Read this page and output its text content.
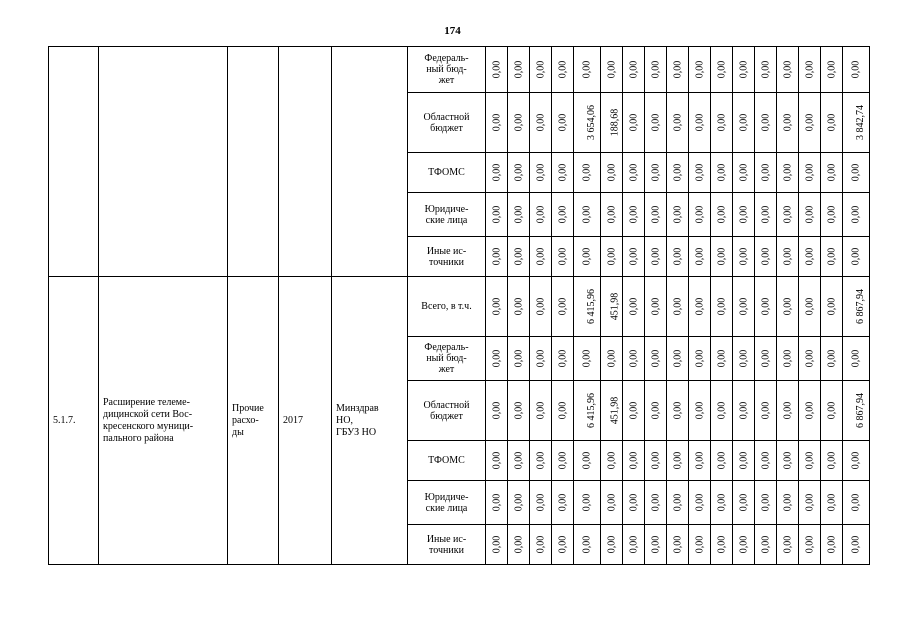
174
					Федераль-
ный бюд-
жет	0,00	0,00	0,00	0,00	0,00	0,00	0,00	0,00	0,00	0,00	0,00	0,00	0,00	0,00	0,00	0,00	0,00
					Областной
бюджет	0,00	0,00	0,00	0,00	3 654,06	188,68	0,00	0,00	0,00	0,00	0,00	0,00	0,00	0,00	0,00	0,00	3 842,74
					ТФОМС	0,00	0,00	0,00	0,00	0,00	0,00	0,00	0,00	0,00	0,00	0,00	0,00	0,00	0,00	0,00	0,00	0,00
					Юридиче-
ские лица	0,00	0,00	0,00	0,00	0,00	0,00	0,00	0,00	0,00	0,00	0,00	0,00	0,00	0,00	0,00	0,00	0,00
					Иные ис-
точники	0,00	0,00	0,00	0,00	0,00	0,00	0,00	0,00	0,00	0,00	0,00	0,00	0,00	0,00	0,00	0,00	0,00
5.1.7.	Расширение телеме-
дицинской сети Вос-
кресенского муници-
пального района	Прочие
расхо-
ды	2017	Минздрав
НО,
ГБУЗ НО	Всего, в т.ч.	0,00	0,00	0,00	0,00	6 415,96	451,98	0,00	0,00	0,00	0,00	0,00	0,00	0,00	0,00	0,00	0,00	6 867,94
					Федераль-
ный бюд-
жет	0,00	0,00	0,00	0,00	0,00	0,00	0,00	0,00	0,00	0,00	0,00	0,00	0,00	0,00	0,00	0,00	0,00
					Областной
бюджет	0,00	0,00	0,00	0,00	6 415,96	451,98	0,00	0,00	0,00	0,00	0,00	0,00	0,00	0,00	0,00	0,00	6 867,94
					ТФОМС	0,00	0,00	0,00	0,00	0,00	0,00	0,00	0,00	0,00	0,00	0,00	0,00	0,00	0,00	0,00	0,00	0,00
					Юридиче-
ские лица	0,00	0,00	0,00	0,00	0,00	0,00	0,00	0,00	0,00	0,00	0,00	0,00	0,00	0,00	0,00	0,00	0,00
					Иные ис-
точники	0,00	0,00	0,00	0,00	0,00	0,00	0,00	0,00	0,00	0,00	0,00	0,00	0,00	0,00	0,00	0,00	0,00
